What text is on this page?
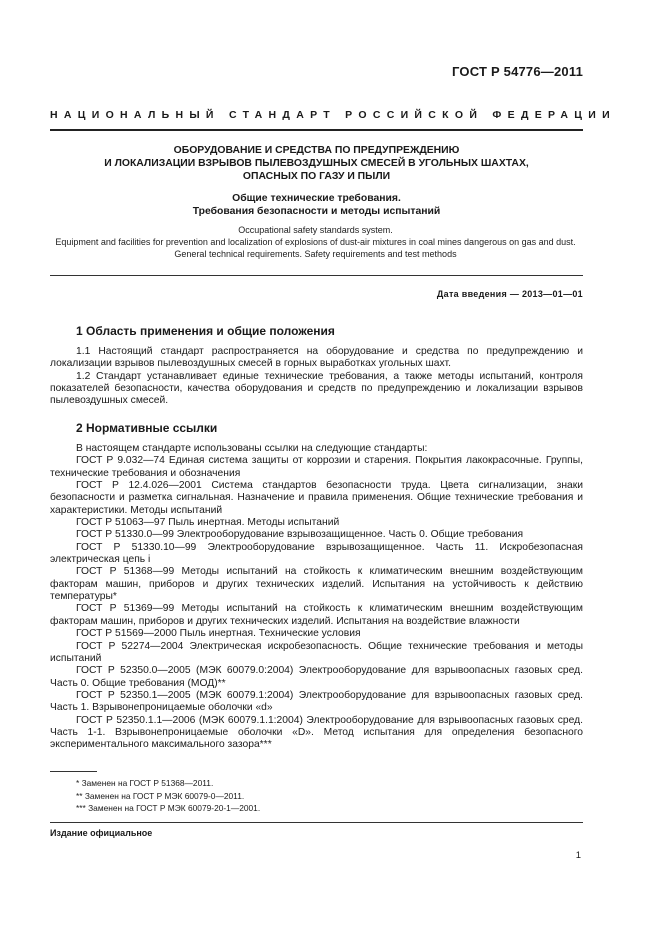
ГОСТ Р 54776—2011
НАЦИОНАЛЬНЫЙ СТАНДАРТ РОССИЙСКОЙ ФЕДЕРАЦИИ
ОБОРУДОВАНИЕ И СРЕДСТВА ПО ПРЕДУПРЕЖДЕНИЮ
И ЛОКАЛИЗАЦИИ ВЗРЫВОВ ПЫЛЕВОЗДУШНЫХ СМЕСЕЙ В УГОЛЬНЫХ ШАХТАХ,
ОПАСНЫХ ПО ГАЗУ И ПЫЛИ
Общие технические требования.
Требования безопасности и методы испытаний
Occupational safety standards system.
Equipment and facilities for prevention and localization of explosions of dust-air mixtures in coal mines dangerous on gas and dust. General technical requirements. Safety requirements and test methods
Дата введения — 2013—01—01
1 Область применения и общие положения

1.1 Настоящий стандарт распространяется на оборудование и средства по предупреждению и локализации взрывов пылевоздушных смесей в горных выработках угольных шахт.

1.2 Стандарт устанавливает единые технические требования, а также методы испытаний, контроля показателей безопасности, качества оборудования и средств по предупреждению и локализации взрывов пылевоздушных смесей.

2 Нормативные ссылки

В настоящем стандарте использованы ссылки на следующие стандарты:

ГОСТ Р 9.032—74 Единая система защиты от коррозии и старения. Покрытия лакокрасочные. Группы, технические требования и обозначения

ГОСТ Р 12.4.026—2001 Система стандартов безопасности труда. Цвета сигнализации, знаки безопасности и разметка сигнальная. Назначение и правила применения. Общие технические требования и характеристики. Методы испытаний

ГОСТ Р 51063—97 Пыль инертная. Методы испытаний

ГОСТ Р 51330.0—99 Электрооборудование взрывозащищенное. Часть 0. Общие требования

ГОСТ Р 51330.10—99 Электрооборудование взрывозащищенное. Часть 11. Искробезопасная электрическая цепь i

ГОСТ Р 51368—99 Методы испытаний на стойкость к климатическим внешним воздействующим факторам машин, приборов и других технических изделий. Испытания на устойчивость к действию температуры*

ГОСТ Р 51369—99 Методы испытаний на стойкость к климатическим внешним воздействующим факторам машин, приборов и других технических изделий. Испытания на воздействие влажности

ГОСТ Р 51569—2000 Пыль инертная. Технические условия

ГОСТ Р 52274—2004 Электрическая искробезопасность. Общие технические требования и методы испытаний

ГОСТ Р 52350.0—2005 (МЭК 60079.0:2004) Электрооборудование для взрывоопасных газовых сред. Часть 0. Общие требования (МОД)**

ГОСТ Р 52350.1—2005 (МЭК 60079.1:2004) Электрооборудование для взрывоопасных газовых сред. Часть 1. Взрывонепроницаемые оболочки «d»

ГОСТ Р 52350.1.1—2006 (МЭК 60079.1.1:2004) Электрооборудование для взрывоопасных газовых сред. Часть 1-1. Взрывонепроницаемые оболочки «D». Метод испытания для определения безопасного экспериментального максимального зазора***

* Заменен на ГОСТ Р 51368—2011.
** Заменен на ГОСТ Р МЭК 60079-0—2011.
*** Заменен на ГОСТ Р МЭК 60079-20-1—2001.
Издание официальное
1
